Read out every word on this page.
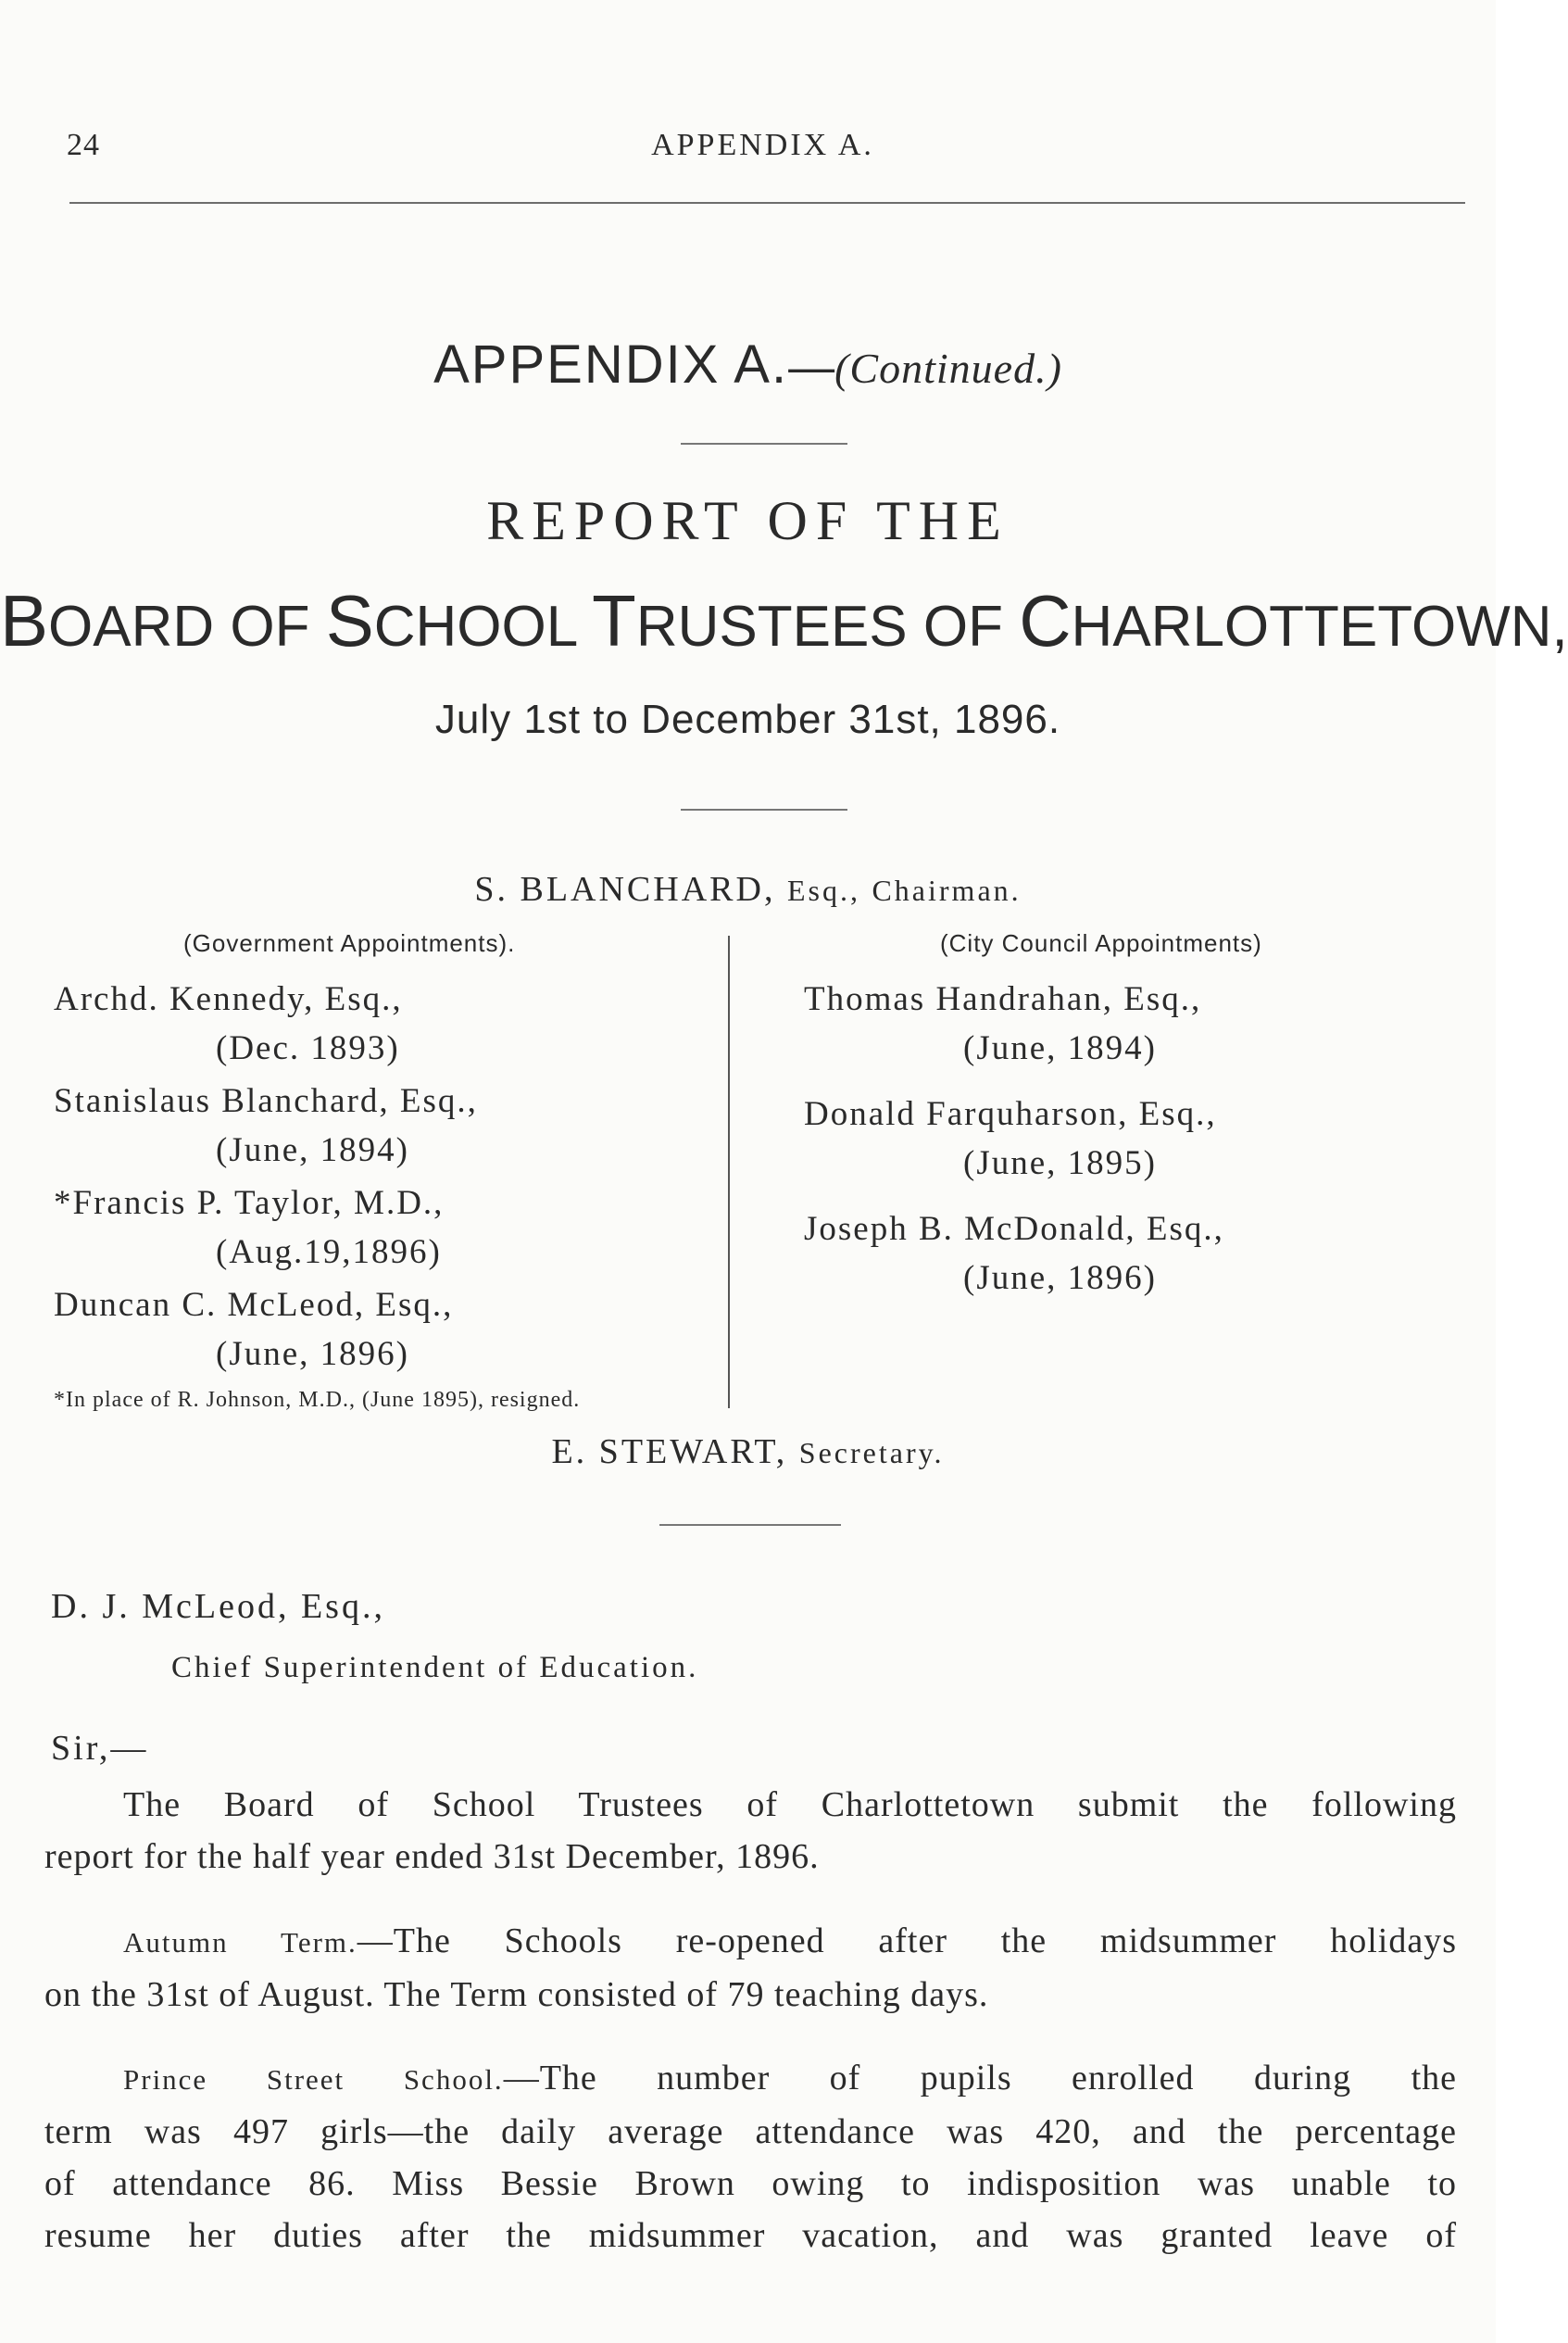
24	APPENDIX A.
APPENDIX A.—(Continued.)
REPORT OF THE
BOARD OF SCHOOL TRUSTEES OF CHARLOTTETOWN,
July 1st to December 31st, 1896.
S. BLANCHARD, Esq., Chairman.
(Government Appointments).
Archd. Kennedy, Esq.,
(Dec. 1893)
Stanislaus Blanchard, Esq.,
(June, 1894)
*Francis P. Taylor, M.D.,
(Aug.19,1896)
Duncan C. McLeod, Esq.,
(June, 1896)
*In place of R. Johnson, M.D., (June 1895), resigned.
(City Council Appointments)
Thomas Handrahan, Esq.,
(June, 1894)
Donald Farquharson, Esq.,
(June, 1895)
Joseph B. McDonald, Esq.,
(June, 1896)
E. STEWART, Secretary.
D. J. McLeod, Esq.,
Chief Superintendent of Education.
Sir,—
The Board of School Trustees of Charlottetown submit the following
report for the half year ended 31st December, 1896.
Autumn Term.—The Schools re-opened after the midsummer holidays
on the 31st of August. The Term consisted of 79 teaching days.
Prince Street School.—The number of pupils enrolled during the
term was 497 girls—the daily average attendance was 420, and the percentage
of attendance 86. Miss Bessie Brown owing to indisposition was unable to
resume her duties after the midsummer vacation, and was granted leave of
